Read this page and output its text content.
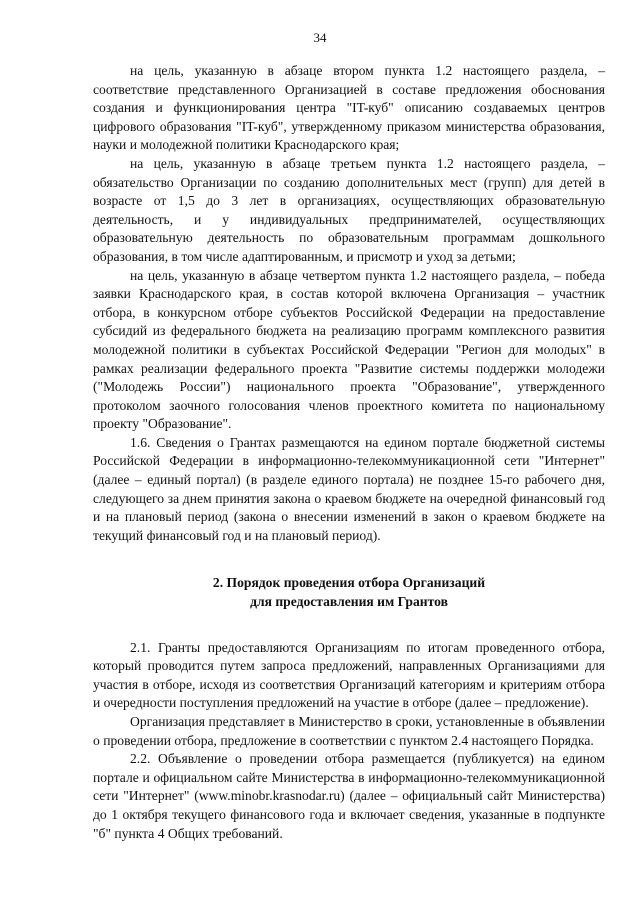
34

на цель, указанную в абзаце втором пункта 1.2 настоящего раздела, – соответствие представленного Организацией в составе предложения обоснования создания и функционирования центра "IT-куб" описанию создаваемых центров цифрового образования "IT-куб", утвержденному приказом министерства образования, науки и молодежной политики Краснодарского края;

на цель, указанную в абзаце третьем пункта 1.2 настоящего раздела, – обязательство Организации по созданию дополнительных мест (групп) для детей в возрасте от 1,5 до 3 лет в организациях, осуществляющих образовательную деятельность, и у индивидуальных предпринимателей, осуществляющих образовательную деятельность по образовательным программам дошкольного образования, в том числе адаптированным, и присмотр и уход за детьми;

на цель, указанную в абзаце четвертом пункта 1.2 настоящего раздела, – победа заявки Краснодарского края, в состав которой включена Организация – участник отбора, в конкурсном отборе субъектов Российской Федерации на предоставление субсидий из федерального бюджета на реализацию программ комплексного развития молодежной политики в субъектах Российской Федерации "Регион для молодых" в рамках реализации федерального проекта "Развитие системы поддержки молодежи ("Молодежь России") национального проекта "Образование", утвержденного протоколом заочного голосования членов проектного комитета по национальному проекту "Образование".

1.6. Сведения о Грантах размещаются на едином портале бюджетной системы Российской Федерации в информационно-телекоммуникационной сети "Интернет" (далее – единый портал) (в разделе единого портала) не позднее 15-го рабочего дня, следующего за днем принятия закона о краевом бюджете на очередной финансовый год и на плановый период (закона о внесении изменений в закон о краевом бюджете на текущий финансовый год и на плановый период).

2. Порядок проведения отбора Организаций
для предоставления им Грантов

2.1. Гранты предоставляются Организациям по итогам проведенного отбора, который проводится путем запроса предложений, направленных Организациями для участия в отборе, исходя из соответствия Организаций категориям и критериям отбора и очередности поступления предложений на участие в отборе (далее – предложение).

Организация представляет в Министерство в сроки, установленные в объявлении о проведении отбора, предложение в соответствии с пунктом 2.4 настоящего Порядка.

2.2. Объявление о проведении отбора размещается (публикуется) на едином портале и официальном сайте Министерства в информационно-телекоммуникационной сети "Интернет" (www.minobr.krasnodar.ru) (далее – официальный сайт Министерства) до 1 октября текущего финансового года и включает сведения, указанные в подпункте "б" пункта 4 Общих требований.
